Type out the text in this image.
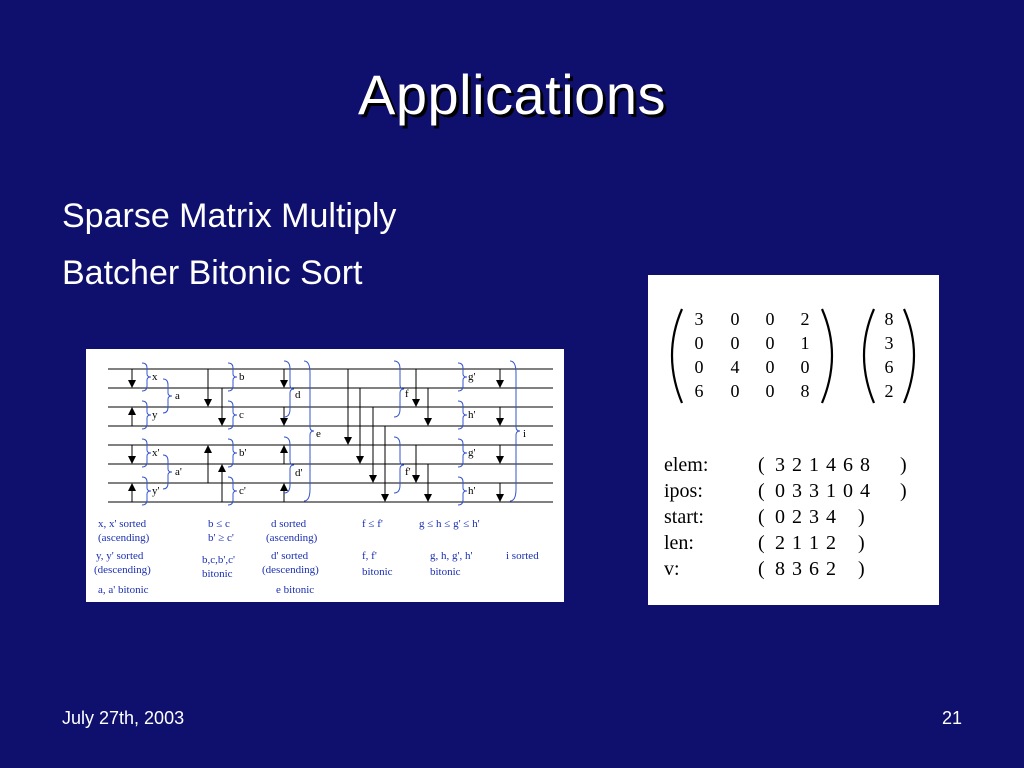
Applications
Sparse Matrix Multiply
Batcher Bitonic Sort
x
a
y
x'
a'
y'
b
c
b'
c'
d
e
d'
f
f'
g'
h'
g'
h'
i
x, x' sorted
(ascending)
y, y' sorted
(descending)
a, a' bitonic
b ≤ c
b' ≥ c'
b,c,b',c'
bitonic
d sorted
(ascending)
d' sorted
(descending)
e bitonic
f ≤ f'
f, f'
bitonic
g ≤ h ≤ g' ≤ h'
g, h, g', h'
bitonic
i sorted
3 0 0 2
0 0 0 1
0 4 0 0
6 0 0 8
8
3
6
2
elem:
ipos:
start:
len:
v:
(
(
(
(
(
3 2 1 4 6 8
0 3 3 1 0 4
0 2 3 4
2 1 1 2
8 3 6 2
)
)
)
)
)
July 27th, 2003	21
